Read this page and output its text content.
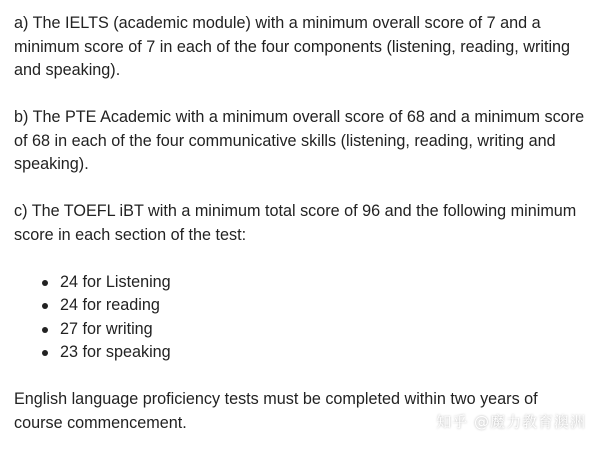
a) The IELTS (academic module) with a minimum overall score of 7 and a minimum score of 7 in each of the four components (listening, reading, writing and speaking).

b) The PTE Academic with a minimum overall score of 68 and a minimum score of 68 in each of the four communicative skills (listening, reading, writing and speaking).

c) The TOEFL iBT with a minimum total score of 96 and the following minimum score in each section of the test:

24 for Listening
24 for reading
27 for writing
23 for speaking

English language proficiency tests must be completed within two years of course commencement.	知乎 @魔力教育澳洲
